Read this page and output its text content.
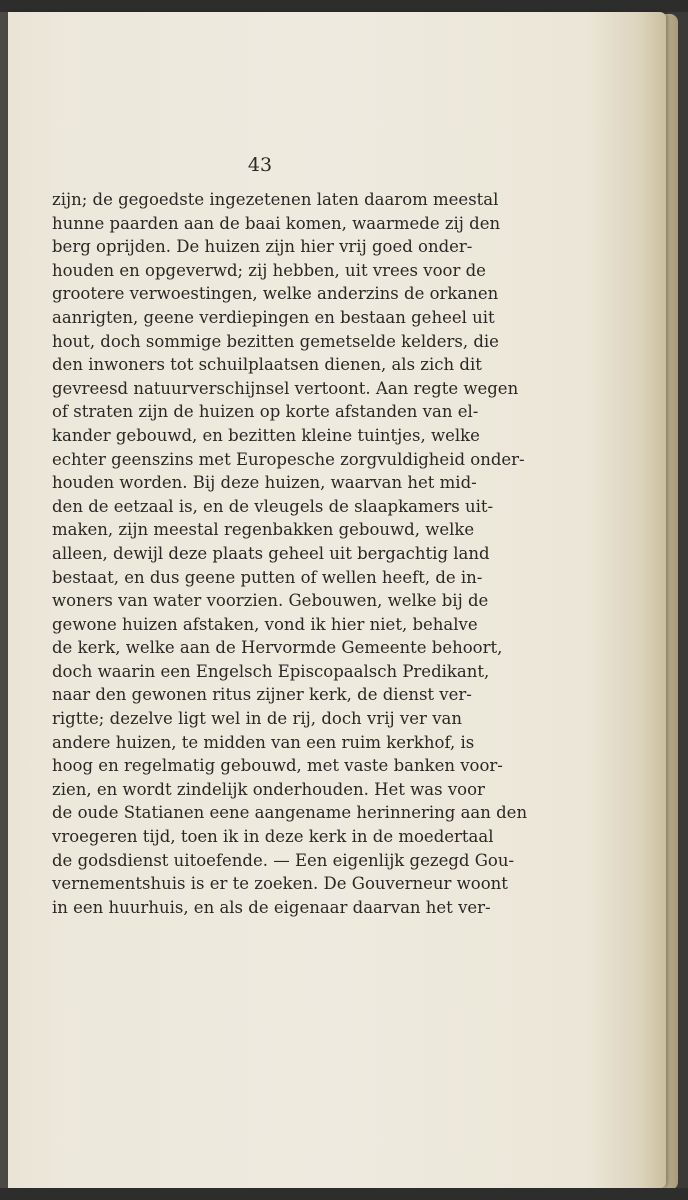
43
zijn; de gegoedste ingezetenen laten daarom meestal
hunne paarden aan de baai komen, waarmede zij den
berg oprijden. De huizen zijn hier vrij goed onder-
houden en opgeverwd; zij hebben, uit vrees voor de
grootere verwoestingen, welke anderzins de orkanen
aanrigten, geene verdiepingen en bestaan geheel uit
hout, doch sommige bezitten gemetselde kelders, die
den inwoners tot schuilplaatsen dienen, als zich dit
gevreesd natuurverschijnsel vertoont. Aan regte wegen
of straten zijn de huizen op korte afstanden van el-
kander gebouwd, en bezitten kleine tuintjes, welke
echter geenszins met Europesche zorgvuldigheid onder-
houden worden. Bij deze huizen, waarvan het mid-
den de eetzaal is, en de vleugels de slaapkamers uit-
maken, zijn meestal regenbakken gebouwd, welke
alleen, dewijl deze plaats geheel uit bergachtig land
bestaat, en dus geene putten of wellen heeft, de in-
woners van water voorzien. Gebouwen, welke bij de
gewone huizen afstaken, vond ik hier niet, behalve
de kerk, welke aan de Hervormde Gemeente behoort,
doch waarin een Engelsch Episcopaalsch Predikant,
naar den gewonen ritus zijner kerk, de dienst ver-
rigtte; dezelve ligt wel in de rij, doch vrij ver van
andere huizen, te midden van een ruim kerkhof, is
hoog en regelmatig gebouwd, met vaste banken voor-
zien, en wordt zindelijk onderhouden. Het was voor
de oude Statianen eene aangename herinnering aan den
vroegeren tijd, toen ik in deze kerk in de moedertaal
de godsdienst uitoefende. — Een eigenlijk gezegd Gou-
vernementshuis is er te zoeken. De Gouverneur woont
in een huurhuis, en als de eigenaar daarvan het ver-
